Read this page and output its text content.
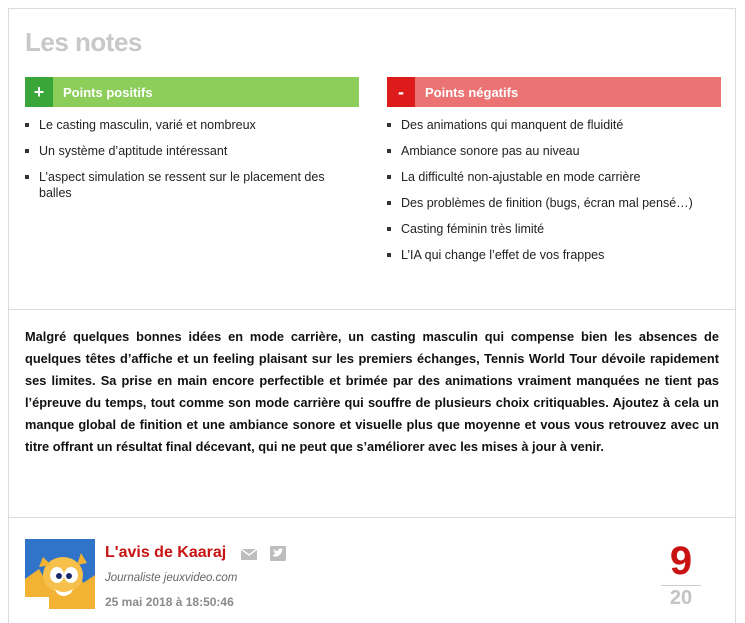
Les notes
+	Points positifs
Le casting masculin, varié et nombreux
Un système d’aptitude intéressant
L’aspect simulation se ressent sur le placement des balles
-	Points négatifs
Des animations qui manquent de fluidité
Ambiance sonore pas au niveau
La difficulté non-ajustable en mode carrière
Des problèmes de finition (bugs, écran mal pensé…)
Casting féminin très limité
L’IA qui change l’effet de vos frappes

Malgré quelques bonnes idées en mode carrière, un casting masculin qui compense bien les absences de quelques têtes d’affiche et un feeling plaisant sur les premiers échanges, Tennis World Tour dévoile rapidement ses limites. Sa prise en main encore perfectible et brimée par des animations vraiment manquées ne tient pas l’épreuve du temps, tout comme son mode carrière qui souffre de plusieurs choix critiquables. Ajoutez à cela un manque global de finition et une ambiance sonore et visuelle plus que moyenne et vous vous retrouvez avec un titre offrant un résultat final décevant, qui ne peut que s’améliorer avec les mises à jour à venir.

L'avis de Kaaraj
Journaliste jeuxvideo.com
25 mai 2018 à 18:50:46
9
20
